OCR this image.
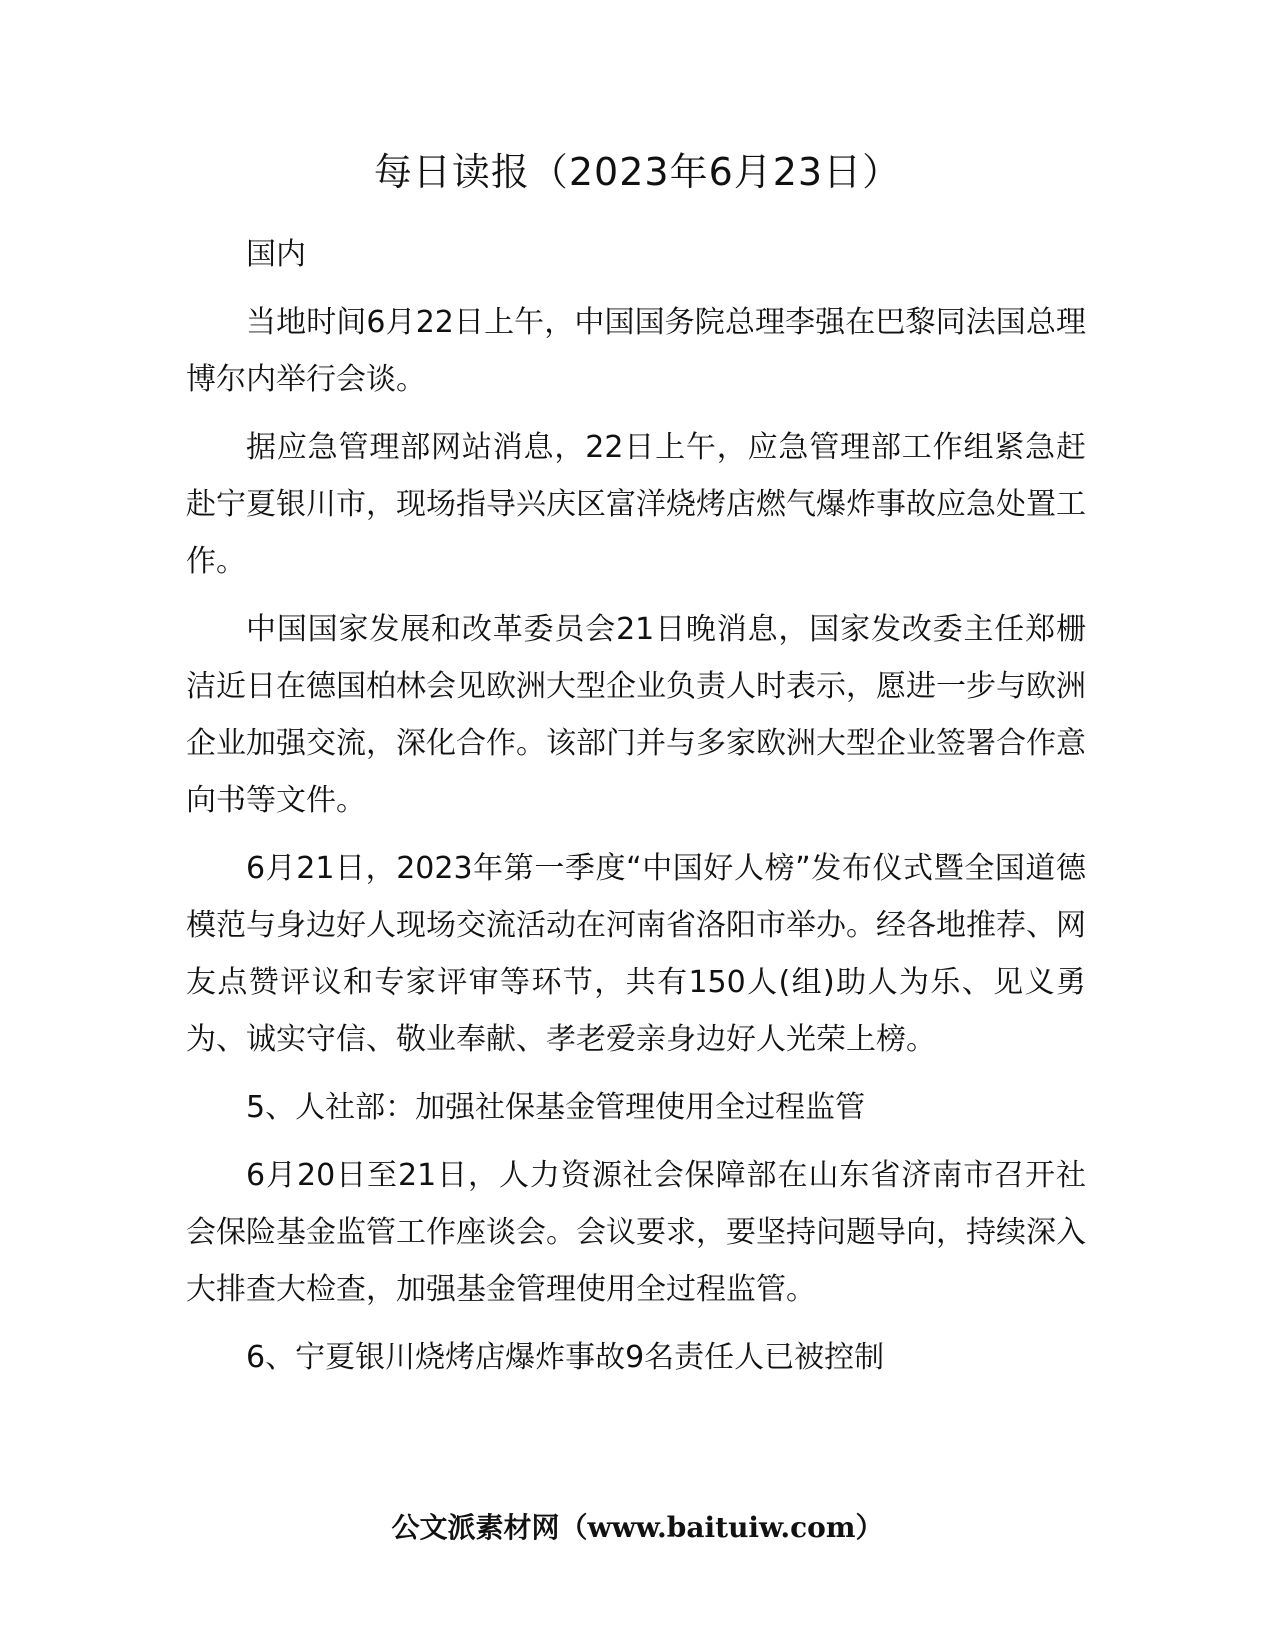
每日读报（2023年6月23日）

国内

当地时间6月22日上午，中国国务院总理李强在巴黎同法国总理博尔内举行会谈。

据应急管理部网站消息，22日上午，应急管理部工作组紧急赶赴宁夏银川市，现场指导兴庆区富洋烧烤店燃气爆炸事故应急处置工作。

中国国家发展和改革委员会21日晚消息，国家发改委主任郑栅洁近日在德国柏林会见欧洲大型企业负责人时表示，愿进一步与欧洲企业加强交流，深化合作。该部门并与多家欧洲大型企业签署合作意向书等文件。

6月21日，2023年第一季度“中国好人榜”发布仪式暨全国道德模范与身边好人现场交流活动在河南省洛阳市举办。经各地推荐、网友点赞评议和专家评审等环节，共有150人(组)助人为乐、见义勇为、诚实守信、敬业奉献、孝老爱亲身边好人光荣上榜。

5、人社部：加强社保基金管理使用全过程监管

6月20日至21日，人力资源社会保障部在山东省济南市召开社会保险基金监管工作座谈会。会议要求，要坚持问题导向，持续深入大排查大检查，加强基金管理使用全过程监管。

6、宁夏银川烧烤店爆炸事故9名责任人已被控制

公文派素材网（www.baituiw.com）
